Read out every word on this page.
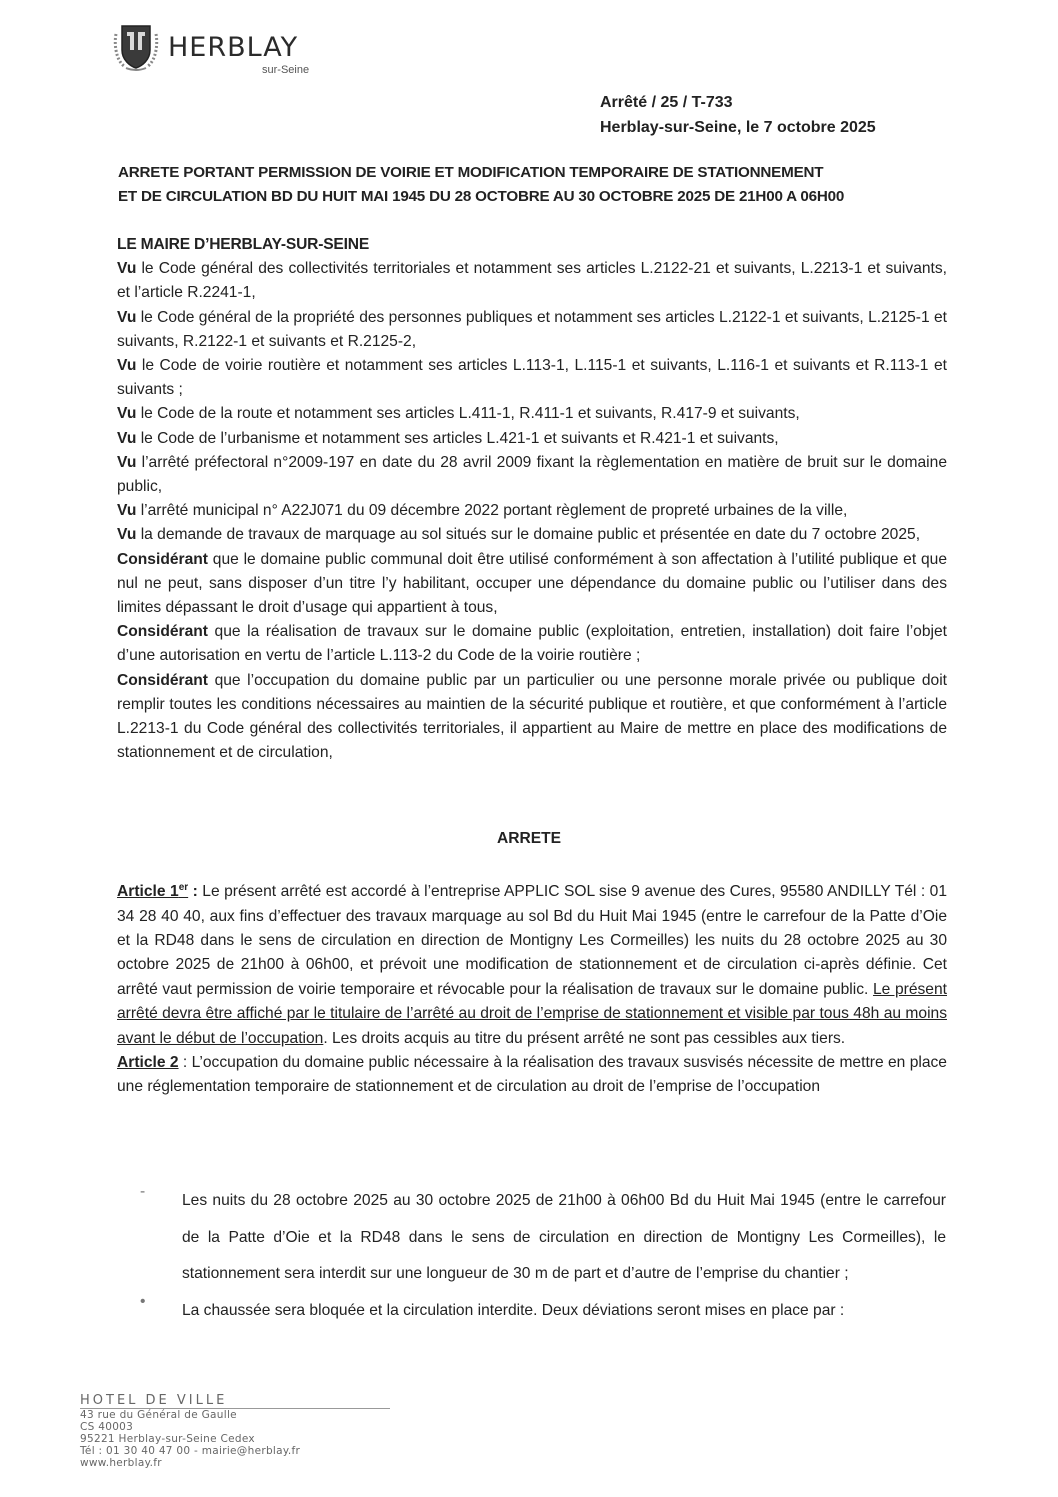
HERBLAY
sur-Seine
Arrêté / 25 / T-733
Herblay-sur-Seine, le 7 octobre 2025
ARRETE PORTANT PERMISSION DE VOIRIE ET MODIFICATION TEMPORAIRE DE STATIONNEMENT
ET DE CIRCULATION BD DU HUIT MAI 1945 DU 28 OCTOBRE AU 30 OCTOBRE 2025 DE 21H00 A 06H00

LE MAIRE D’HERBLAY-SUR-SEINE

Vu le Code général des collectivités territoriales et notamment ses articles L.2122-21 et suivants, L.2213-1 et suivants, et l’article R.2241-1,

Vu le Code général de la propriété des personnes publiques et notamment ses articles L.2122-1 et suivants, L.2125-1 et suivants, R.2122-1 et suivants et R.2125-2,

Vu le Code de voirie routière et notamment ses articles L.113-1, L.115-1 et suivants, L.116-1 et suivants et R.113-1 et suivants ;

Vu le Code de la route et notamment ses articles L.411-1, R.411-1 et suivants, R.417-9 et suivants,

Vu le Code de l’urbanisme et notamment ses articles L.421-1 et suivants et R.421-1 et suivants,

Vu l’arrêté préfectoral n°2009-197 en date du 28 avril 2009 fixant la règlementation en matière de bruit sur le domaine public,

Vu l’arrêté municipal n° A22J071 du 09 décembre 2022 portant règlement de propreté urbaines de la ville,

Vu la demande de travaux de marquage au sol situés sur le domaine public et présentée en date du 7 octobre 2025,

Considérant que le domaine public communal doit être utilisé conformément à son affectation à l’utilité publique et que nul ne peut, sans disposer d’un titre l’y habilitant, occuper une dépendance du domaine public ou l’utiliser dans des limites dépassant le droit d’usage qui appartient à tous,

Considérant que la réalisation de travaux sur le domaine public (exploitation, entretien, installation) doit faire l’objet d’une autorisation en vertu de l’article L.113-2 du Code de la voirie routière ;

Considérant que l’occupation du domaine public par un particulier ou une personne morale privée ou publique doit remplir toutes les conditions nécessaires au maintien de la sécurité publique et routière, et que conformément à l’article L.2213-1 du Code général des collectivités territoriales, il appartient au Maire de mettre en place des modifications de stationnement et de circulation,

ARRETE

Article 1er : Le présent arrêté est accordé à l’entreprise APPLIC SOL sise 9 avenue des Cures, 95580 ANDILLY Tél : 01 34 28 40 40, aux fins d’effectuer des travaux marquage au sol Bd du Huit Mai 1945 (entre le carrefour de la Patte d’Oie et la RD48 dans le sens de circulation en direction de Montigny Les Cormeilles) les nuits du 28 octobre 2025 au 30 octobre 2025 de 21h00 à 06h00, et prévoit une modification de stationnement et de circulation ci-après définie. Cet arrêté vaut permission de voirie temporaire et révocable pour la réalisation de travaux sur le domaine public. Le présent arrêté devra être affiché par le titulaire de l’arrêté au droit de l’emprise de stationnement et visible par tous 48h au moins avant le début de l’occupation. Les droits acquis au titre du présent arrêté ne sont pas cessibles aux tiers.

Article 2 : L’occupation du domaine public nécessaire à la réalisation des travaux susvisés nécessite de mettre en place une réglementation temporaire de stationnement et de circulation au droit de l’emprise de l’occupation

-
Les nuits du 28 octobre 2025 au 30 octobre 2025 de 21h00 à 06h00 Bd du Huit Mai 1945 (entre le carrefour de la Patte d’Oie et la RD48 dans le sens de circulation en direction de Montigny Les Cormeilles), le stationnement sera interdit sur une longueur de 30 m de part et d’autre de l’emprise du chantier ;
•
La chaussée sera bloquée et la circulation interdite. Deux déviations seront mises en place par :
HOTEL DE VILLE
43 rue du Général de Gaulle
CS 40003
95221 Herblay-sur-Seine Cedex
Tél : 01 30 40 47 00 - mairie@herblay.fr
www.herblay.fr
